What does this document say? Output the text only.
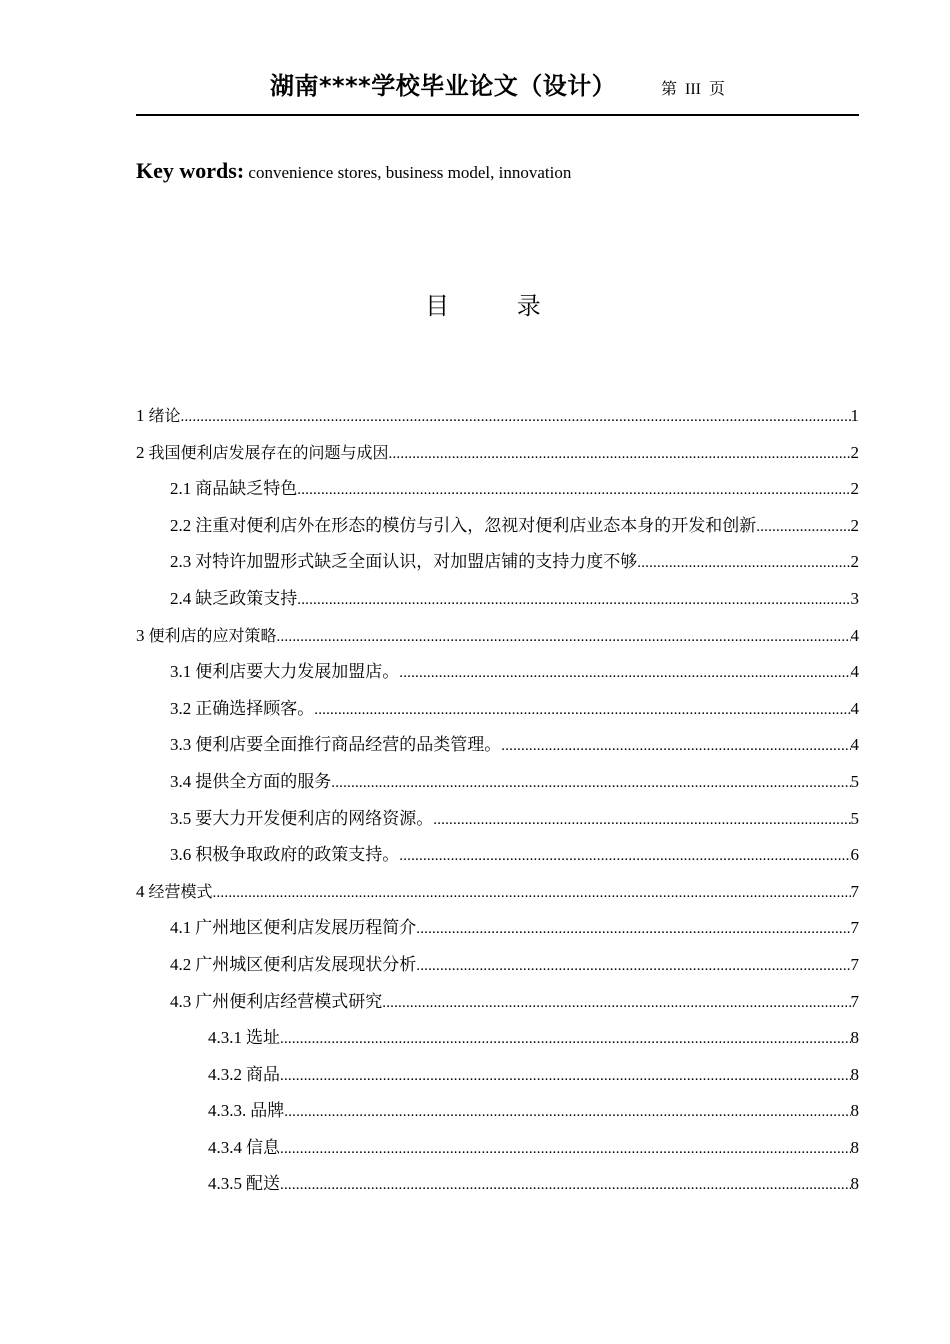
湖南****学校毕业论文（设计）	第 III 页
Key words: convenience stores, business model, innovation
目 录
1 绪论 .....	1
2 我国便利店发展存在的问题与成因 .....	2
2.1 商品缺乏特色 .....	2
2.2 注重对便利店外在形态的模仿与引入，忽视对便利店业态本身的开发和创新 .....	2
2.3 对特许加盟形式缺乏全面认识，对加盟店铺的支持力度不够 .....	2
2.4 缺乏政策支持 .....	3
3 便利店的应对策略 .....	4
3.1 便利店要大力发展加盟店。 .....	4
3.2 正确选择顾客。 .....	4
3.3 便利店要全面推行商品经营的品类管理。 .....	4
3.4 提供全方面的服务 .....	5
3.5 要大力开发便利店的网络资源。 .....	5
3.6 积极争取政府的政策支持。 .....	6
4 经营模式 .....	7
4.1 广州地区便利店发展历程简介 .....	7
4.2 广州城区便利店发展现状分析 .....	7
4.3 广州便利店经营模式研究 .....	7
4.3.1 选址 .....	8
4.3.2 商品 .....	8
4.3.3. 品牌 .....	8
4.3.4 信息 .....	8
4.3.5 配送 .....	8
